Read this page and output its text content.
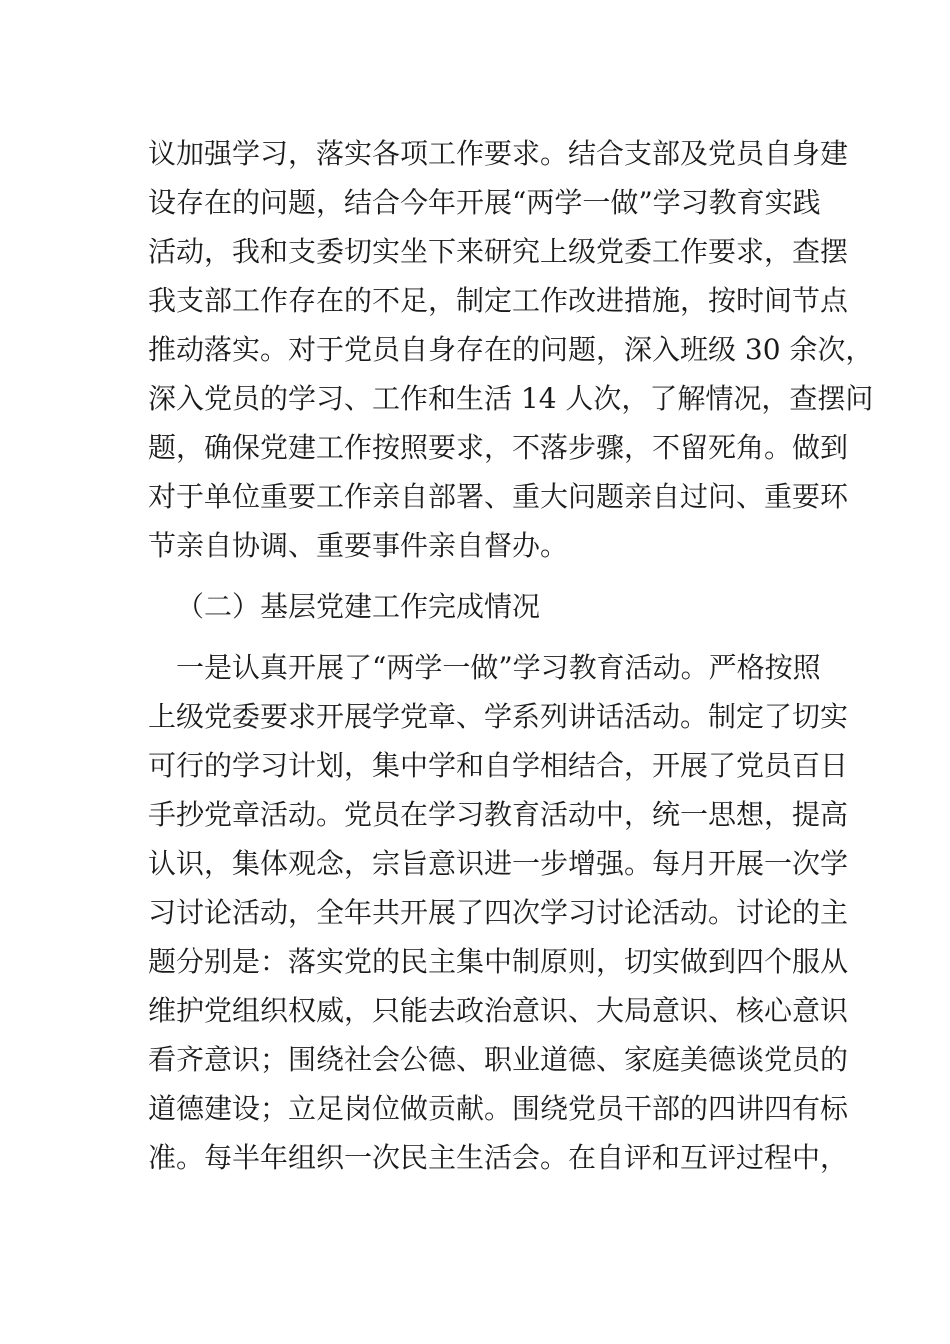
议加强学习，落实各项工作要求。结合支部及党员自身建
设存在的问题，结合今年开展“两学一做”学习教育实践
活动，我和支委切实坐下来研究上级党委工作要求，查摆
我支部工作存在的不足，制定工作改进措施，按时间节点
推动落实。对于党员自身存在的问题，深入班级 30 余次，
深入党员的学习、工作和生活 14 人次，了解情况，查摆问
题，确保党建工作按照要求，不落步骤，不留死角。做到
对于单位重要工作亲自部署、重大问题亲自过问、重要环
节亲自协调、重要事件亲自督办。
（二）基层党建工作完成情况
一是认真开展了“两学一做”学习教育活动。严格按照
上级党委要求开展学党章、学系列讲话活动。制定了切实
可行的学习计划，集中学和自学相结合，开展了党员百日
手抄党章活动。党员在学习教育活动中，统一思想，提高
认识，集体观念，宗旨意识进一步增强。每月开展一次学
习讨论活动，全年共开展了四次学习讨论活动。讨论的主
题分别是：落实党的民主集中制原则，切实做到四个服从
维护党组织权威，只能去政治意识、大局意识、核心意识
看齐意识；围绕社会公德、职业道德、家庭美德谈党员的
道德建设；立足岗位做贡献。围绕党员干部的四讲四有标
准。每半年组织一次民主生活会。在自评和互评过程中，
